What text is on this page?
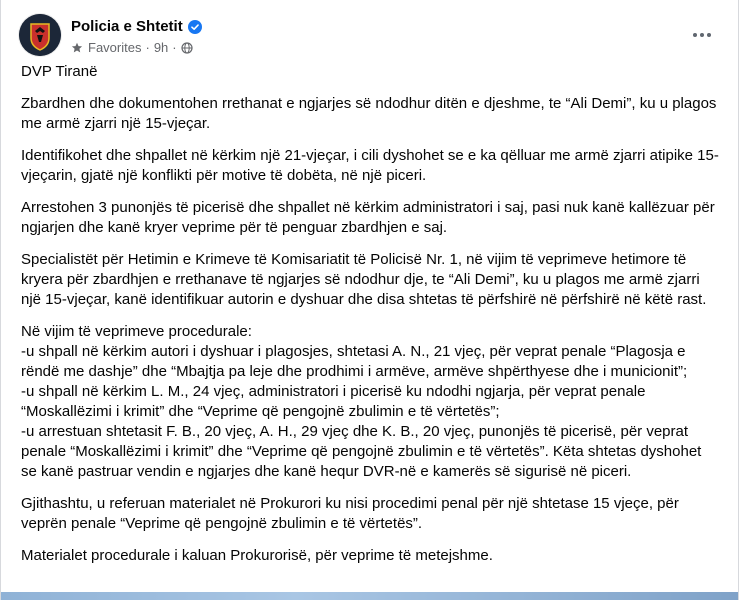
Policia e Shtetit
Favorites · 9h ·

DVP Tiranë

Zbardhen dhe dokumentohen rrethanat e ngjarjes së ndodhur ditën e djeshme, te “Ali Demi”, ku u plagos me armë zjarri një 15-vjeçar.

Identifikohet dhe shpallet në kërkim një 21-vjeçar, i cili dyshohet se e ka qëlluar me armë zjarri atipike 15-vjeçarin, gjatë një konflikti për motive të dobëta, në një piceri.

Arrestohen 3 punonjës të picerisë dhe shpallet në kërkim administratori i saj, pasi nuk kanë kallëzuar për ngjarjen dhe kanë kryer veprime për të penguar zbardhjen e saj.

Specialistët për Hetimin e Krimeve të Komisariatit të Policisë Nr. 1, në vijim të veprimeve hetimore të kryera për zbardhjen e rrethanave të ngjarjes së ndodhur dje, te “Ali Demi”, ku u plagos me armë zjarri një 15-vjeçar, kanë identifikuar autorin e dyshuar dhe disa shtetas të përfshirë në përfshirë në këtë rast.

Në vijim të veprimeve procedurale:
-u shpall në kërkim autori i dyshuar i plagosjes, shtetasi A. N., 21 vjeç, për veprat penale “Plagosja e rëndë me dashje” dhe “Mbajtja pa leje dhe prodhimi i armëve, armëve shpërthyese dhe i municionit”;
-u shpall në kërkim L. M., 24 vjeç, administratori i picerisë ku ndodhi ngjarja, për veprat penale “Moskallëzimi i krimit” dhe “Veprime që pengojnë zbulimin e të vërtetës”;
-u arrestuan shtetasit F. B., 20 vjeç, A. H., 29 vjeç dhe K. B., 20 vjeç, punonjës të picerisë, për veprat penale “Moskallëzimi i krimit” dhe “Veprime që pengojnë zbulimin e të vërtetës”. Këta shtetas dyshohet se kanë pastruar vendin e ngjarjes dhe kanë hequr DVR-në e kamerës së sigurisë në piceri.

Gjithashtu, u referuan materialet në Prokurori ku nisi procedimi penal për një shtetase 15 vjeçe, për veprën penale “Veprime që pengojnë zbulimin e të vërtetës”.

Materialet procedurale i kaluan Prokurorisë, për veprime të metejshme.
